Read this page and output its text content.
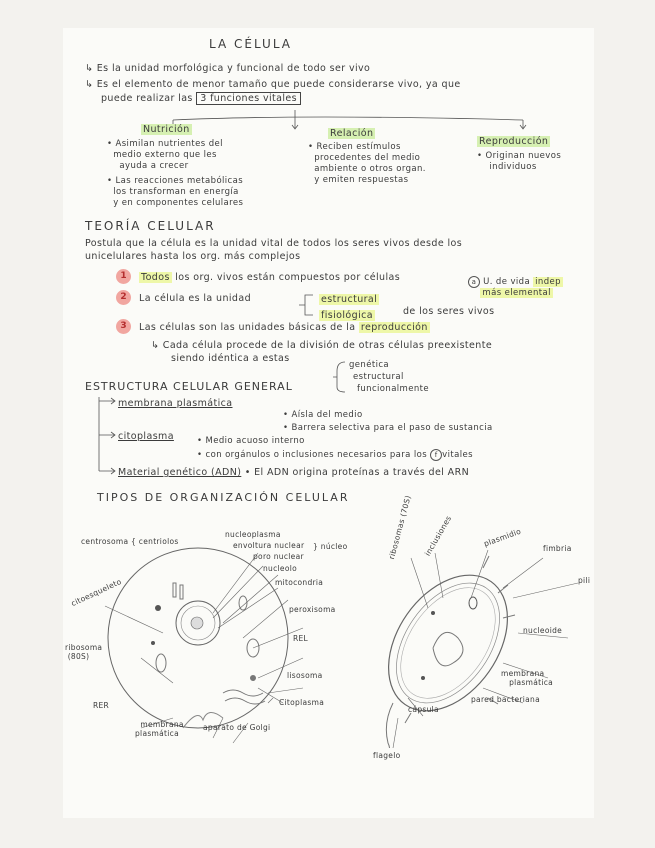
LA CÉLULA
↳ Es la unidad morfológica y funcional de todo ser vivo
↳ Es el elemento de menor tamaño que puede considerarse vivo, ya que
puede realizar las 3 funciones vitales
Nutrición	Relación
Reproducción
• Asimilan nutrientes del
medio externo que les
ayuda a crecer
• Las reacciones metabólicas
los transforman en energía
y en componentes celulares
• Reciben estímulos
procedentes del medio
ambiente o otros organ.
y emiten respuestas
• Originan nuevos
individuos
TEORÍA CELULAR
Postula que la célula es la unidad vital de todos los seres vivos desde los
unicelulares hasta los org. más complejos
1	Todos los org. vivos están compuestos por células	a U. de vida indep
más elemental
2	La célula es la unidad	estructural
fisiológica	de los seres vivos
3	Las células son las unidades básicas de la reproducción
↳ Cada célula procede de la división de otras células preexistente
siendo idéntica a estas
genética
estructural
funcionalmente
ESTRUCTURA CELULAR GENERAL
membrana plasmática
• Aísla del medio
• Barrera selectiva para el paso de sustancia
citoplasma	• Medio acuoso interno
• con orgánulos o inclusiones necesarios para los f vitales
Material genético (ADN) • El ADN origina proteínas a través del ARN
TIPOS DE ORGANIZACIÓN CELULAR
centrosoma { centriolos
nucleoplasma
envoltura nuclear } núcleo
poro nuclear
nucleolo
mitocondria
citoesqueleto
peroxisoma
ribosoma
(80S)
REL
lisosoma
RER	Citoplasma
membrana
plasmática
aparato de Golgi
ribosomas (70S)
inclusiones	plasmidio
fimbria
pili
nucleoide
membrana
plasmática
pared bacteriana
cápsula
flagelo
